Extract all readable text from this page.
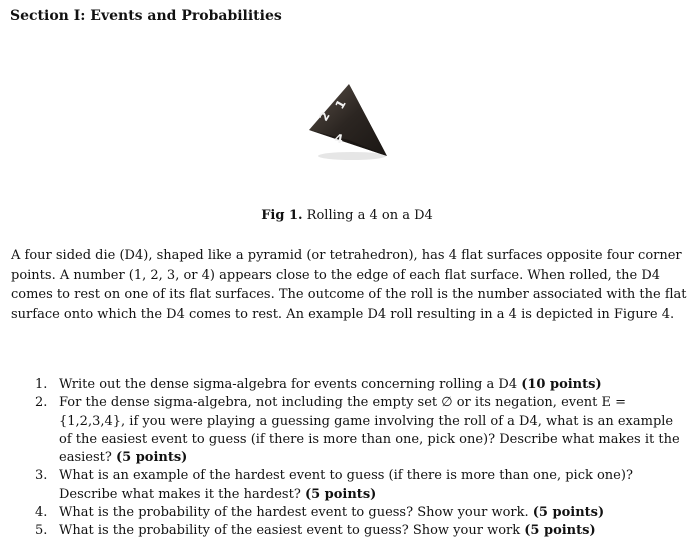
Section I: Events and Probabilities
2
1
4
Fig 1. Rolling a 4 on a D4

A four sided die (D4), shaped like a pyramid (or tetrahedron), has 4 flat surfaces opposite four corner points. A number (1, 2, 3, or 4) appears close to the edge of each flat surface. When rolled, the D4 comes to rest on one of its flat surfaces. The outcome of the roll is the number associated with the flat surface onto which the D4 comes to rest. An example D4 roll resulting in a 4 is depicted in Figure 4.

1. Write out the dense sigma-algebra for events concerning rolling a D4 (10 points)
2. For the dense sigma-algebra, not including the empty set ∅ or its negation, event E = {1,2,3,4}, if you were playing a guessing game involving the roll of a D4, what is an example of the easiest event to guess (if there is more than one, pick one)? Describe what makes it the easiest? (5 points)
3. What is an example of the hardest event to guess (if there is more than one, pick one)? Describe what makes it the hardest? (5 points)
4. What is the probability of the hardest event to guess? Show your work. (5 points)
5. What is the probability of the easiest event to guess? Show your work (5 points)
